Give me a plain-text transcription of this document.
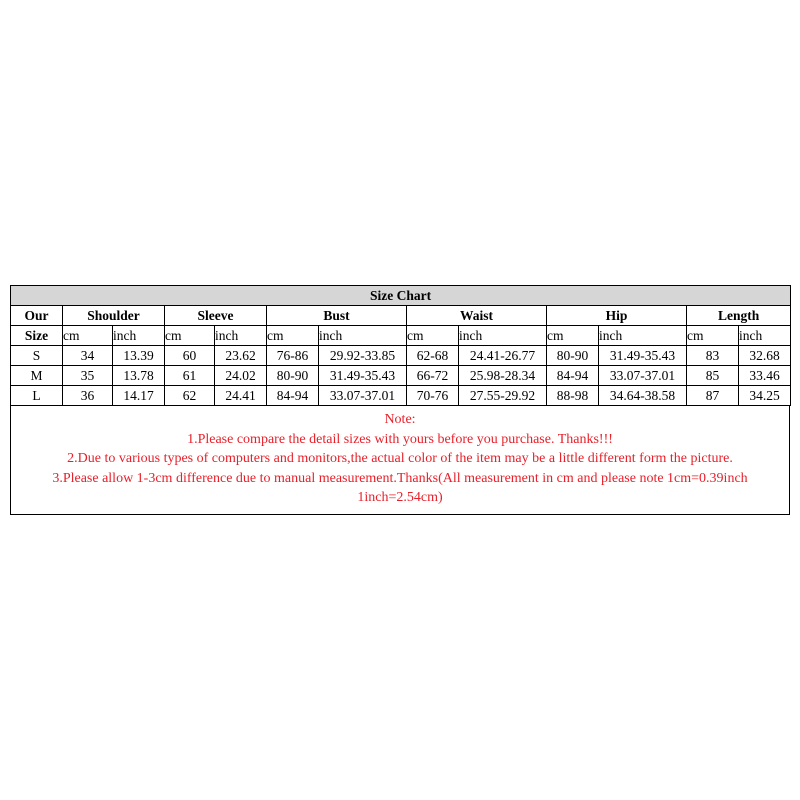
Size Chart												
Our	Shoulder		Sleeve		Bust		Waist		Hip		Length	
Size	cm	inch	cm	inch	cm	inch	cm	inch	cm	inch	cm	inch
S	34	13.39	60	23.62	76-86	29.92-33.85	62-68	24.41-26.77	80-90	31.49-35.43	83	32.68
M	35	13.78	61	24.02	80-90	31.49-35.43	66-72	25.98-28.34	84-94	33.07-37.01	85	33.46
L	36	14.17	62	24.41	84-94	33.07-37.01	70-76	27.55-29.92	88-98	34.64-38.58	87	34.25
Note:
1.Please compare the detail sizes with yours before you purchase. Thanks!!!
2.Due to various types of computers and monitors,the actual color of the item may be a little different form the picture.
3.Please allow 1-3cm difference due to manual measurement.Thanks(All measurement in cm and please note 1cm=0.39inch 1inch=2.54cm)
